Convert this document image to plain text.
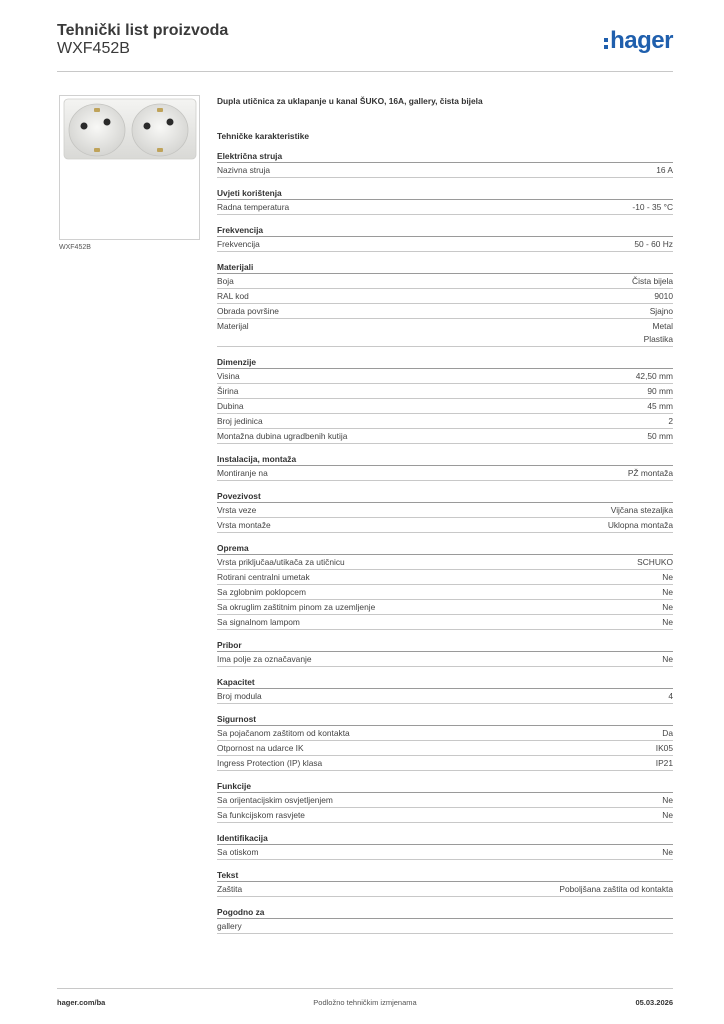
Tehnički list proizvoda
WXF452B	hager
WXF452B
Dupla utičnica za uklapanje u kanal ŠUKO, 16A, gallery, čista bijela
Tehničke karakteristike
Električna struja
Nazivna struja	16 A
Uvjeti korištenja
Radna temperatura	-10 - 35 °C
Frekvencija
Frekvencija	50 - 60 Hz
Materijali
Boja	Čista bijela
RAL kod	9010
Obrada površine	Sjajno
Materijal	Metal
Plastika
Dimenzije
Visina	42,50 mm
Širina	90 mm
Dubina	45 mm
Broj jedinica	2
Montažna dubina ugradbenih kutija	50 mm
Instalacija, montaža
Montiranje na	PŽ montaža
Povezivost
Vrsta veze	Vijčana stezaljka
Vrsta montaže	Uklopna montaža
Oprema
Vrsta priključaa/utikača za utičnicu	SCHUKO
Rotirani centralni umetak	Ne
Sa zglobnim poklopcem	Ne
Sa okruglim zaštitnim pinom za uzemljenje	Ne
Sa signalnom lampom	Ne
Pribor
Ima polje za označavanje	Ne
Kapacitet
Broj modula	4
Sigurnost
Sa pojačanom zaštitom od kontakta	Da
Otpornost na udarce IK	IK05
Ingress Protection (IP) klasa	IP21
Funkcije
Sa orijentacijskim osvjetljenjem	Ne
Sa funkcijskom rasvjete	Ne
Identifikacija
Sa otiskom	Ne
Tekst
Zaštita	Poboljšana zaštita od kontakta
Pogodno za
gallery
hager.com/ba	Podložno tehničkim izmjenama	05.03.2026
